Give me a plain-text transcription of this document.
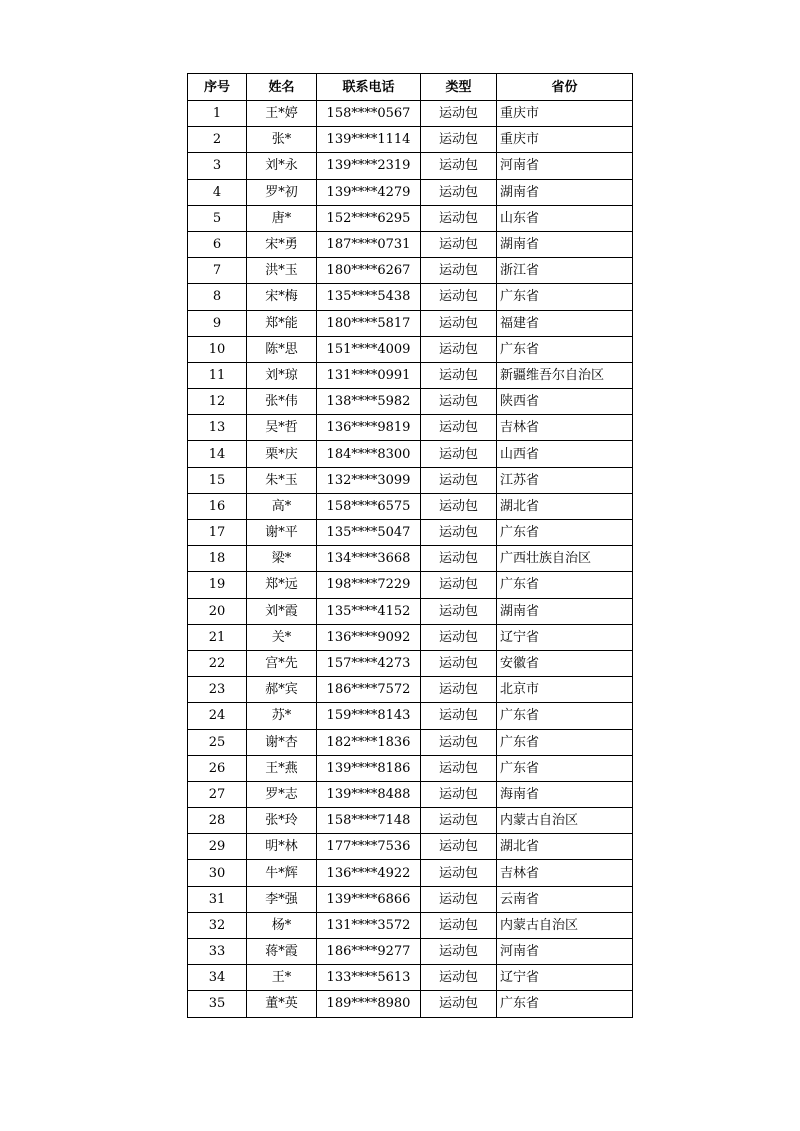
序号	姓名	联系电话	类型	省份
1	王*婷	158****0567	运动包	重庆市
2	张*	139****1114	运动包	重庆市
3	刘*永	139****2319	运动包	河南省
4	罗*初	139****4279	运动包	湖南省
5	唐*	152****6295	运动包	山东省
6	宋*勇	187****0731	运动包	湖南省
7	洪*玉	180****6267	运动包	浙江省
8	宋*梅	135****5438	运动包	广东省
9	郑*能	180****5817	运动包	福建省
10	陈*思	151****4009	运动包	广东省
11	刘*琼	131****0991	运动包	新疆维吾尔自治区
12	张*伟	138****5982	运动包	陕西省
13	吴*哲	136****9819	运动包	吉林省
14	栗*庆	184****8300	运动包	山西省
15	朱*玉	132****3099	运动包	江苏省
16	高*	158****6575	运动包	湖北省
17	谢*平	135****5047	运动包	广东省
18	梁*	134****3668	运动包	广西壮族自治区
19	郑*远	198****7229	运动包	广东省
20	刘*霞	135****4152	运动包	湖南省
21	关*	136****9092	运动包	辽宁省
22	宫*先	157****4273	运动包	安徽省
23	郝*宾	186****7572	运动包	北京市
24	苏*	159****8143	运动包	广东省
25	谢*杏	182****1836	运动包	广东省
26	王*燕	139****8186	运动包	广东省
27	罗*志	139****8488	运动包	海南省
28	张*玲	158****7148	运动包	内蒙古自治区
29	明*林	177****7536	运动包	湖北省
30	牛*辉	136****4922	运动包	吉林省
31	李*强	139****6866	运动包	云南省
32	杨*	131****3572	运动包	内蒙古自治区
33	蒋*霞	186****9277	运动包	河南省
34	王*	133****5613	运动包	辽宁省
35	董*英	189****8980	运动包	广东省
